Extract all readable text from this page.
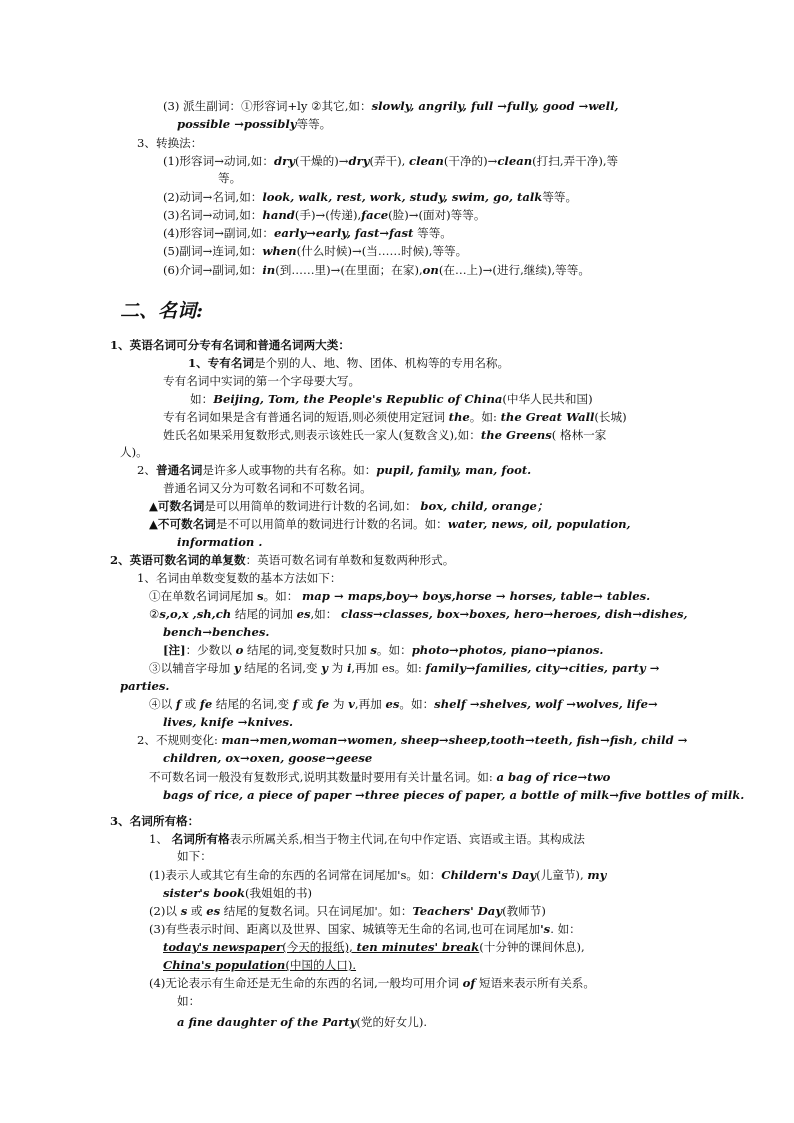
二、名词:
(3) 派生副词：①形容词+ly ②其它,如：slowly, angrily, full →fully, good →well,
possible →possibly等等。
3、转换法：
(1)形容词→动词,如：dry(干燥的)→dry(弄干), clean(干净的)→clean(打扫,弄干净),等
等。
(2)动词→名词,如：look, walk, rest, work, study, swim, go, talk等等。
(3)名词→动词,如：hand(手)→(传递),face(脸)→(面对)等等。
(4)形容词→副词,如：early→early, fast→fast 等等。
(5)副词→连词,如：when(什么时候)→(当……时候),等等。
(6)介词→副词,如：in(到……里)→(在里面；在家),on(在…上)→(进行,继续),等等。
1、英语名词可分专有名词和普通名词两大类：
1、专有名词是个别的人、地、物、团体、机构等的专用名称。
专有名词中实词的第一个字母要大写。
如：Beijing, Tom, the People's Republic of China(中华人民共和国)
专有名词如果是含有普通名词的短语,则必须使用定冠词 the。如: the Great Wall(长城)
姓氏名如果采用复数形式,则表示该姓氏一家人(复数含义),如：the Greens( 格林一家
人)。
2、普通名词是许多人或事物的共有名称。如：pupil, family, man, foot.
普通名词又分为可数名词和不可数名词。
▲可数名词是可以用简单的数词进行计数的名词,如： box, child, orange；
▲不可数名词是不可以用简单的数词进行计数的名词。如：water, news, oil, population,
information .
2、英语可数名词的单复数：英语可数名词有单数和复数两种形式。
1、名词由单数变复数的基本方法如下：
①在单数名词词尾加 s。如： map → maps,boy→ boys,horse → horses, table→ tables.
②s,o,x ,sh,ch 结尾的词加 es,如： class→classes, box→boxes, hero→heroes, dish→dishes,
bench→benches.
[注]：少数以 o 结尾的词,变复数时只加 s。如：photo→photos, piano→pianos.
③以辅音字母加 y 结尾的名词,变 y 为 i,再加 es。如: family→families, city→cities, party →
parties.
④以 f 或 fe 结尾的名词,变 f 或 fe 为 v,再加 es。如：shelf →shelves, wolf →wolves, life→
lives, knife →knives.
2、不规则变化: man→men,woman→women, sheep→sheep,tooth→teeth, fish→fish, child →
children, ox→oxen, goose→geese
不可数名词一般没有复数形式,说明其数量时要用有关计量名词。如: a bag of rice→two
bags of rice, a piece of paper →three pieces of paper, a bottle of milk→five bottles of milk.
3、名词所有格：
1、 名词所有格表示所属关系,相当于物主代词,在句中作定语、宾语或主语。其构成法
如下：
(1)表示人或其它有生命的东西的名词常在词尾加's。如：Childern's Day(儿童节), my
sister's book(我姐姐的书)
(2)以 s 或 es 结尾的复数名词。只在词尾加'。如：Teachers' Day(教师节)
(3)有些表示时间、距离以及世界、国家、城镇等无生命的名词,也可在词尾加's. 如：
today's newspaper(今天的报纸), ten minutes' break(十分钟的课间休息),
China's population(中国的人口).
(4)无论表示有生命还是无生命的东西的名词,一般均可用介词 of 短语来表示所有关系。
如：
a fine daughter of the Party(党的好女儿).
